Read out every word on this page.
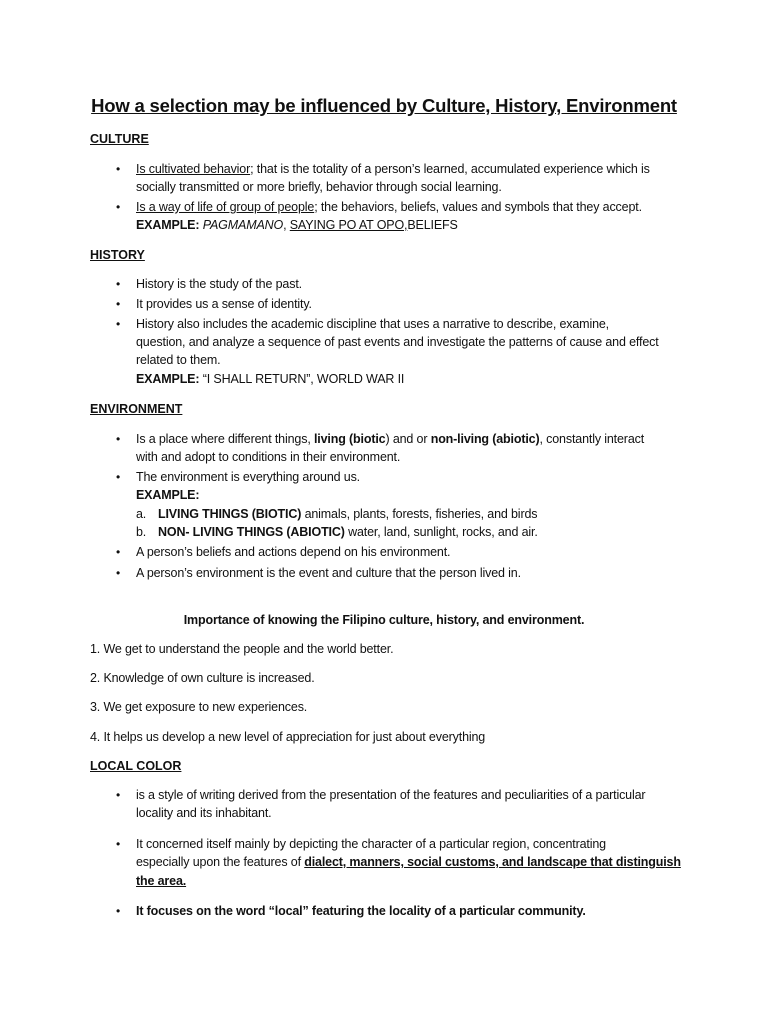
How a selection may be influenced by Culture, History, Environment
CULTURE
• Is cultivated behavior; that is the totality of a person’s learned, accumulated experience which is
socially transmitted or more briefly, behavior through social learning.
• Is a way of life of group of people; the behaviors, beliefs, values and symbols that they accept.
EXAMPLE: PAGMAMANO, SAYING PO AT OPO,BELIEFS
HISTORY
• History is the study of the past.
• It provides us a sense of identity.
• History also includes the academic discipline that uses a narrative to describe, examine,
question, and analyze a sequence of past events and investigate the patterns of cause and effect
related to them.
EXAMPLE: “I SHALL RETURN”, WORLD WAR II
ENVIRONMENT
• Is a place where different things, living (biotic) and or non-living (abiotic), constantly interact
with and adopt to conditions in their environment.
• The environment is everything around us.
EXAMPLE:
a. LIVING THINGS (BIOTIC) animals, plants, forests, fisheries, and birds
b. NON- LIVING THINGS (ABIOTIC) water, land, sunlight, rocks, and air.
• A person’s beliefs and actions depend on his environment.
• A person’s environment is the event and culture that the person lived in.
Importance of knowing the Filipino culture, history, and environment.
1. We get to understand the people and the world better.
2. Knowledge of own culture is increased.
3. We get exposure to new experiences.
4. It helps us develop a new level of appreciation for just about everything
LOCAL COLOR
• is a style of writing derived from the presentation of the features and peculiarities of a particular
locality and its inhabitant.
• It concerned itself mainly by depicting the character of a particular region, concentrating
especially upon the features of dialect, manners, social customs, and landscape that distinguish
the area.
• It focuses on the word “local” featuring the locality of a particular community.
